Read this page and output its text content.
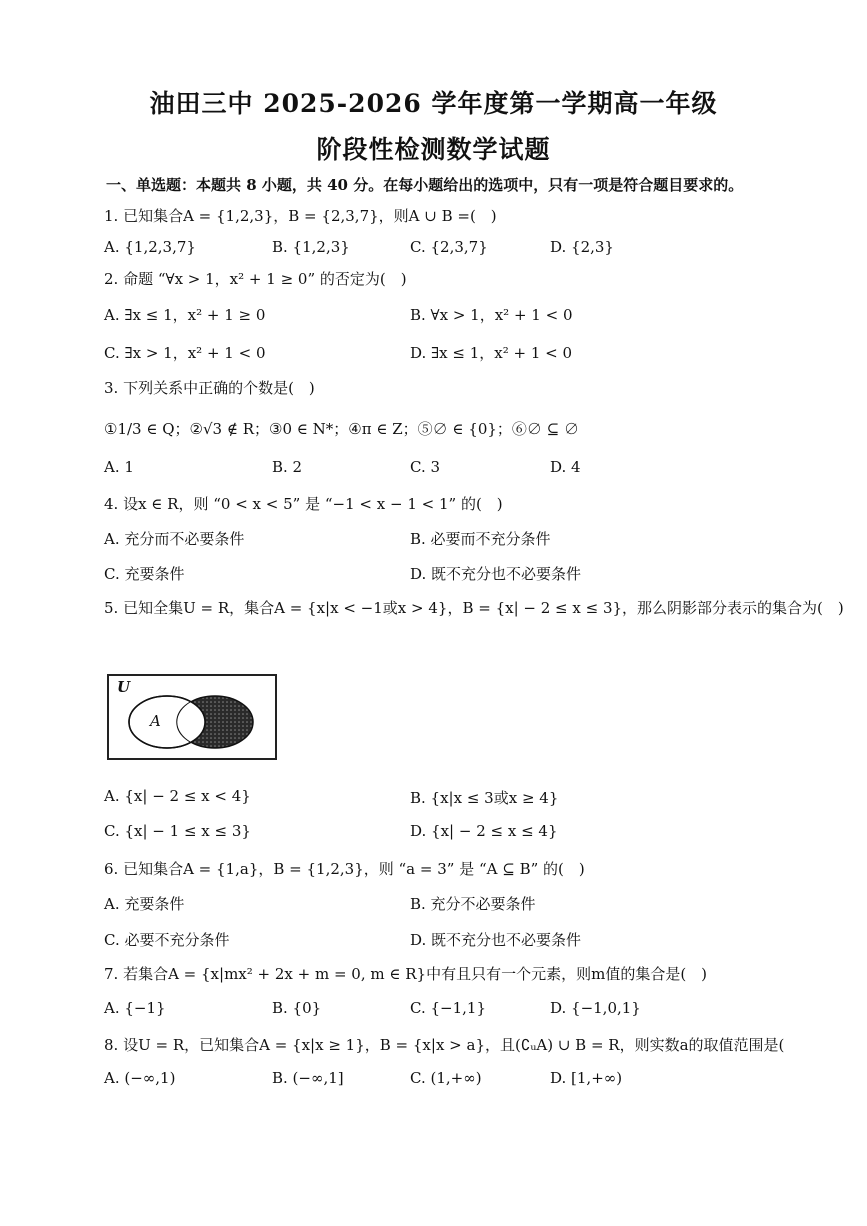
油田三中 2025-2026 学年度第一学期高一年级
阶段性检测数学试题
一、单选题：本题共 8 小题，共 40 分。在每小题给出的选项中，只有一项是符合题目要求的。
1. 已知集合A = {1,2,3}，B = {2,3,7}，则A ∪ B =(　)
A. {1,2,3,7}	B. {1,2,3}	C. {2,3,7}	D. {2,3}
2. 命题 “∀x > 1，x² + 1 ≥ 0” 的否定为(　)
A. ∃x ≤ 1，x² + 1 ≥ 0	B. ∀x > 1，x² + 1 < 0
C. ∃x > 1，x² + 1 < 0	D. ∃x ≤ 1，x² + 1 < 0
3. 下列关系中正确的个数是(　)
①1/3 ∈ Q；②√3 ∉ R；③0 ∈ N*；④π ∈ Z；⑤∅ ∈ {0}；⑥∅ ⊆ ∅
A. 1	B. 2	C. 3	D. 4
4. 设x ∈ R，则 “0 < x < 5” 是 “−1 < x − 1 < 1” 的(　)
A. 充分而不必要条件	B. 必要而不充分条件
C. 充要条件	D. 既不充分也不必要条件
5. 已知全集U = R，集合A = {x|x < −1或x > 4}，B = {x| − 2 ≤ x ≤ 3}，那么阴影部分表示的集合为(　)
U
A
A. {x| − 2 ≤ x < 4}	B. {x|x ≤ 3或x ≥ 4}
C. {x| − 1 ≤ x ≤ 3}	D. {x| − 2 ≤ x ≤ 4}
6. 已知集合A = {1,a}，B = {1,2,3}，则 “a = 3” 是 “A ⊆ B” 的(　)
A. 充要条件	B. 充分不必要条件
C. 必要不充分条件	D. 既不充分也不必要条件
7. 若集合A = {x|mx² + 2x + m = 0, m ∈ R}中有且只有一个元素，则m值的集合是(　)
A. {−1}	B. {0}	C. {−1,1}	D. {−1,0,1}
8. 设U = R，已知集合A = {x|x ≥ 1}，B = {x|x > a}，且(∁ᵤA) ∪ B = R，则实数a的取值范围是(
A. (−∞,1)	B. (−∞,1]	C. (1,+∞)	D. [1,+∞)
